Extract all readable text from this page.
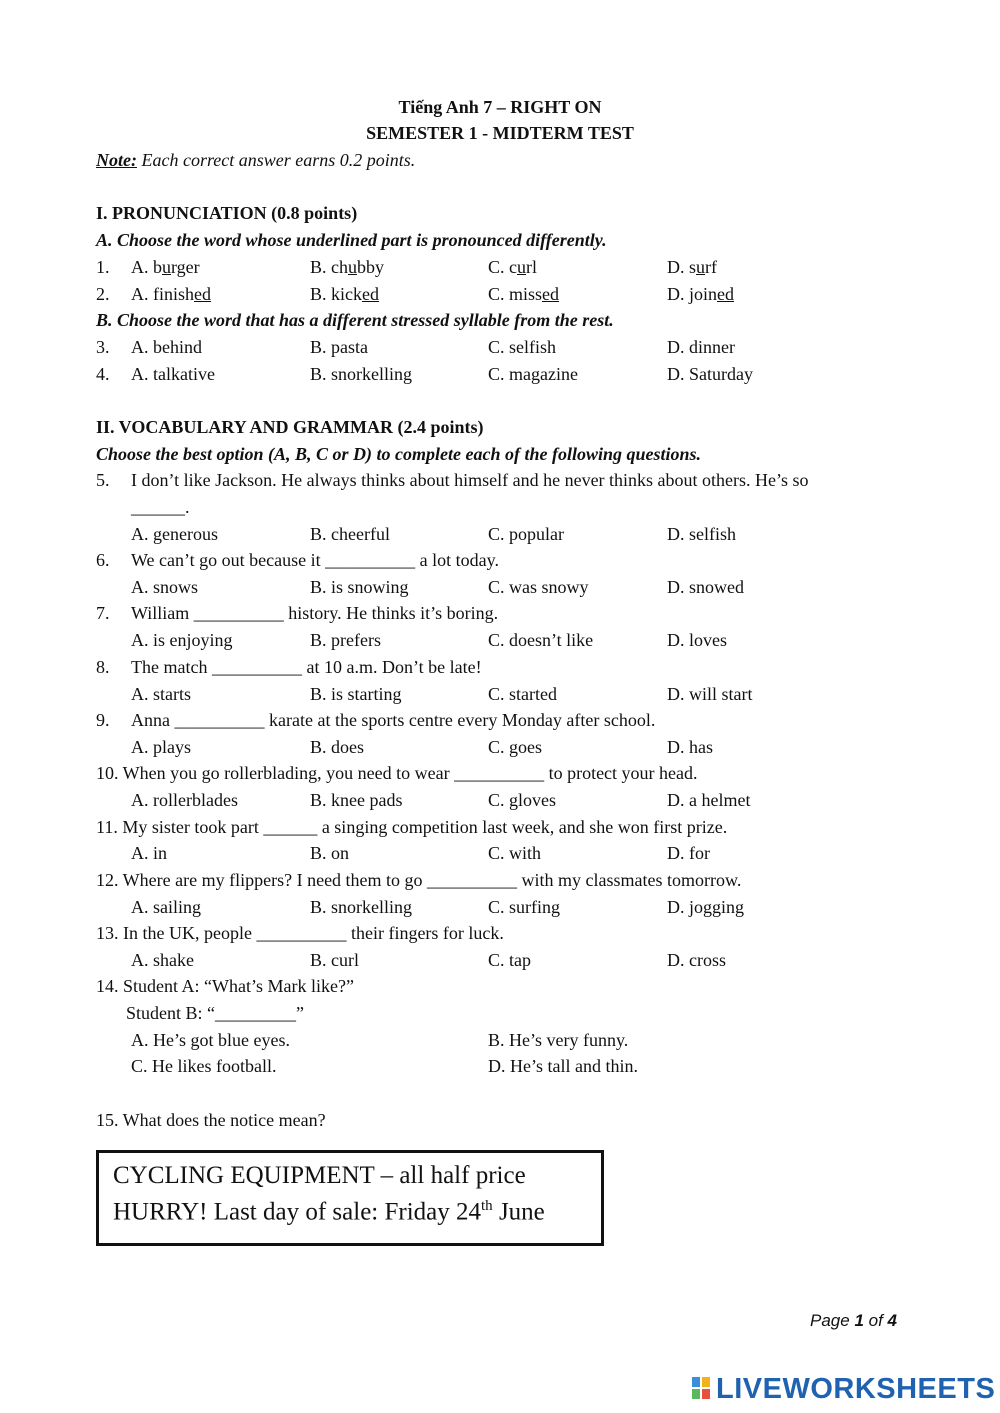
Tiếng Anh 7 – RIGHT ON
SEMESTER 1 - MIDTERM TEST
Note: Each correct answer earns 0.2 points.
I. PRONUNCIATION (0.8 points)
A. Choose the word whose underlined part is pronounced differently.
1. A. burger	B. chubby	C. curl	D. surf
2. A. finished	B. kicked	C. missed	D. joined
B. Choose the word that has a different stressed syllable from the rest.
3. A. behind	B. pasta	C. selfish	D. dinner
4. A. talkative	B. snorkelling	C. magazine	D. Saturday
II. VOCABULARY AND GRAMMAR (2.4 points)
Choose the best option (A, B, C or D) to complete each of the following questions.
5. I don’t like Jackson. He always thinks about himself and he never thinks about others. He’s so
______.
A. generous	B. cheerful	C. popular	D. selfish
6. We can’t go out because it __________ a lot today.
A. snows	B. is snowing	C. was snowy	D. snowed
7. William __________ history. He thinks it’s boring.
A. is enjoying	B. prefers	C. doesn’t like	D. loves
8. The match __________ at 10 a.m. Don’t be late!
A. starts	B. is starting	C. started	D. will start
9. Anna __________ karate at the sports centre every Monday after school.
A. plays	B. does	C. goes	D. has
10. When you go rollerblading, you need to wear __________ to protect your head.
A. rollerblades	B. knee pads	C. gloves	D. a helmet
11. My sister took part ______ a singing competition last week, and she won first prize.
A. in	B. on	C. with	D. for
12. Where are my flippers? I need them to go __________ with my classmates tomorrow.
A. sailing	B. snorkelling	C. surfing	D. jogging
13. In the UK, people __________ their fingers for luck.
A. shake	B. curl	C. tap	D. cross
14. Student A: “What’s Mark like?”
Student B: “_________”
A. He’s got blue eyes.	B. He’s very funny.
C. He likes football.	D. He’s tall and thin.
15. What does the notice mean?
CYCLING EQUIPMENT – all half price
HURRY! Last day of sale: Friday 24th June
Page 1 of 4
LIVEWORKSHEETS
